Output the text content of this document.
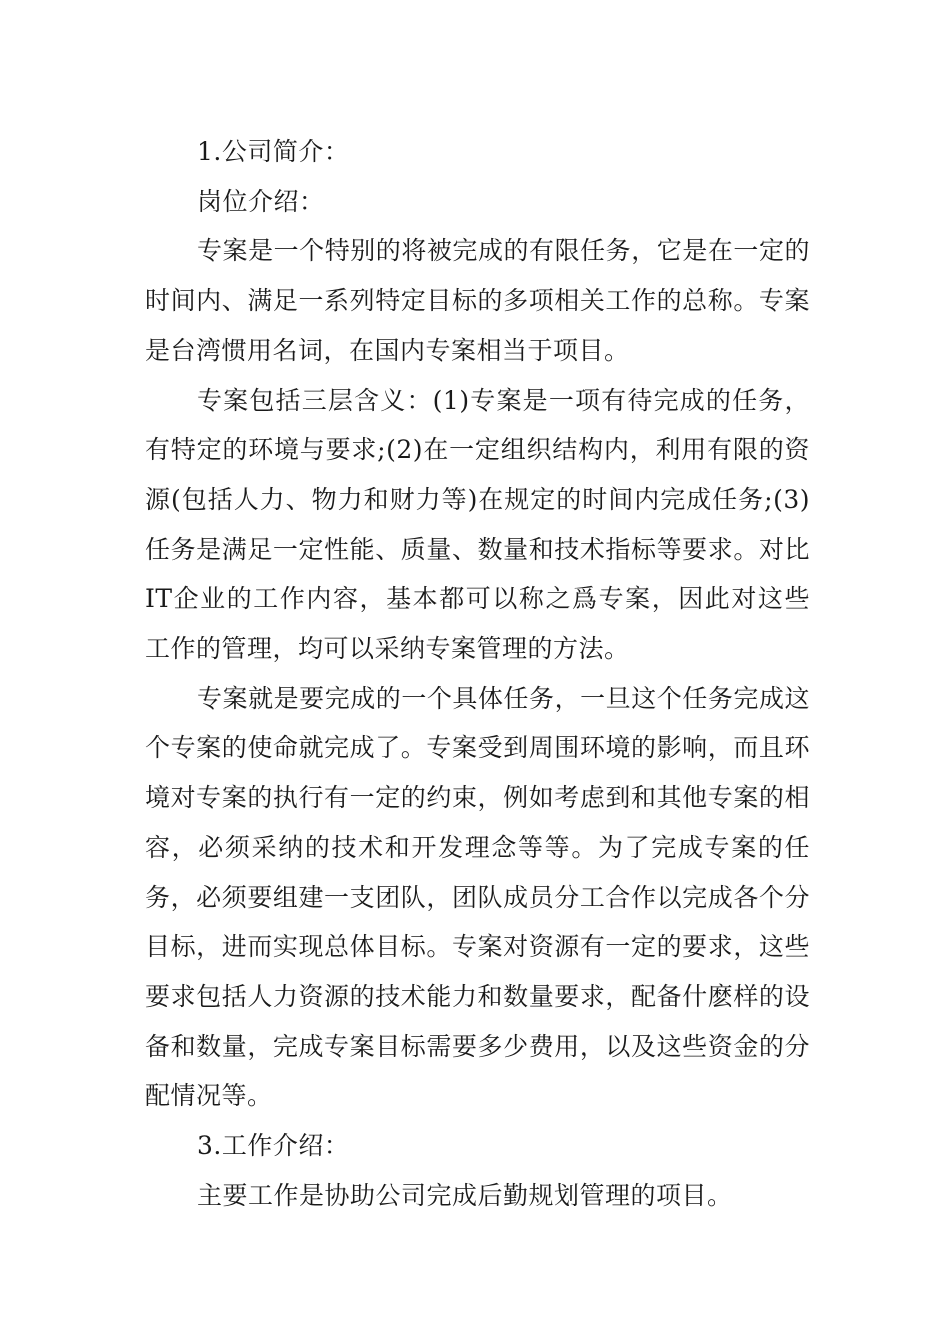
1.公司简介：

岗位介绍：

专案是一个特别的将被完成的有限任务，它是在一定的时间内、满足一系列特定目标的多项相关工作的总称。专案是台湾惯用名词，在国内专案相当于项目。

专案包括三层含义：(1)专案是一项有待完成的任务，有特定的环境与要求;(2)在一定组织结构内，利用有限的资源(包括人力、物力和财力等)在规定的时间内完成任务;(3)任务是满足一定性能、质量、数量和技术指标等要求。对比IT企业的工作内容，基本都可以称之爲专案，因此对这些工作的管理，均可以采纳专案管理的方法。

专案就是要完成的一个具体任务，一旦这个任务完成这个专案的使命就完成了。专案受到周围环境的影响，而且环境对专案的执行有一定的约束，例如考虑到和其他专案的相容，必须采纳的技术和开发理念等等。为了完成专案的任务，必须要组建一支团队，团队成员分工合作以完成各个分目标，进而实现总体目标。专案对资源有一定的要求，这些要求包括人力资源的技术能力和数量要求，配备什麽样的设备和数量，完成专案目标需要多少费用，以及这些资金的分配情况等。

3.工作介绍：

主要工作是协助公司完成后勤规划管理的项目。
